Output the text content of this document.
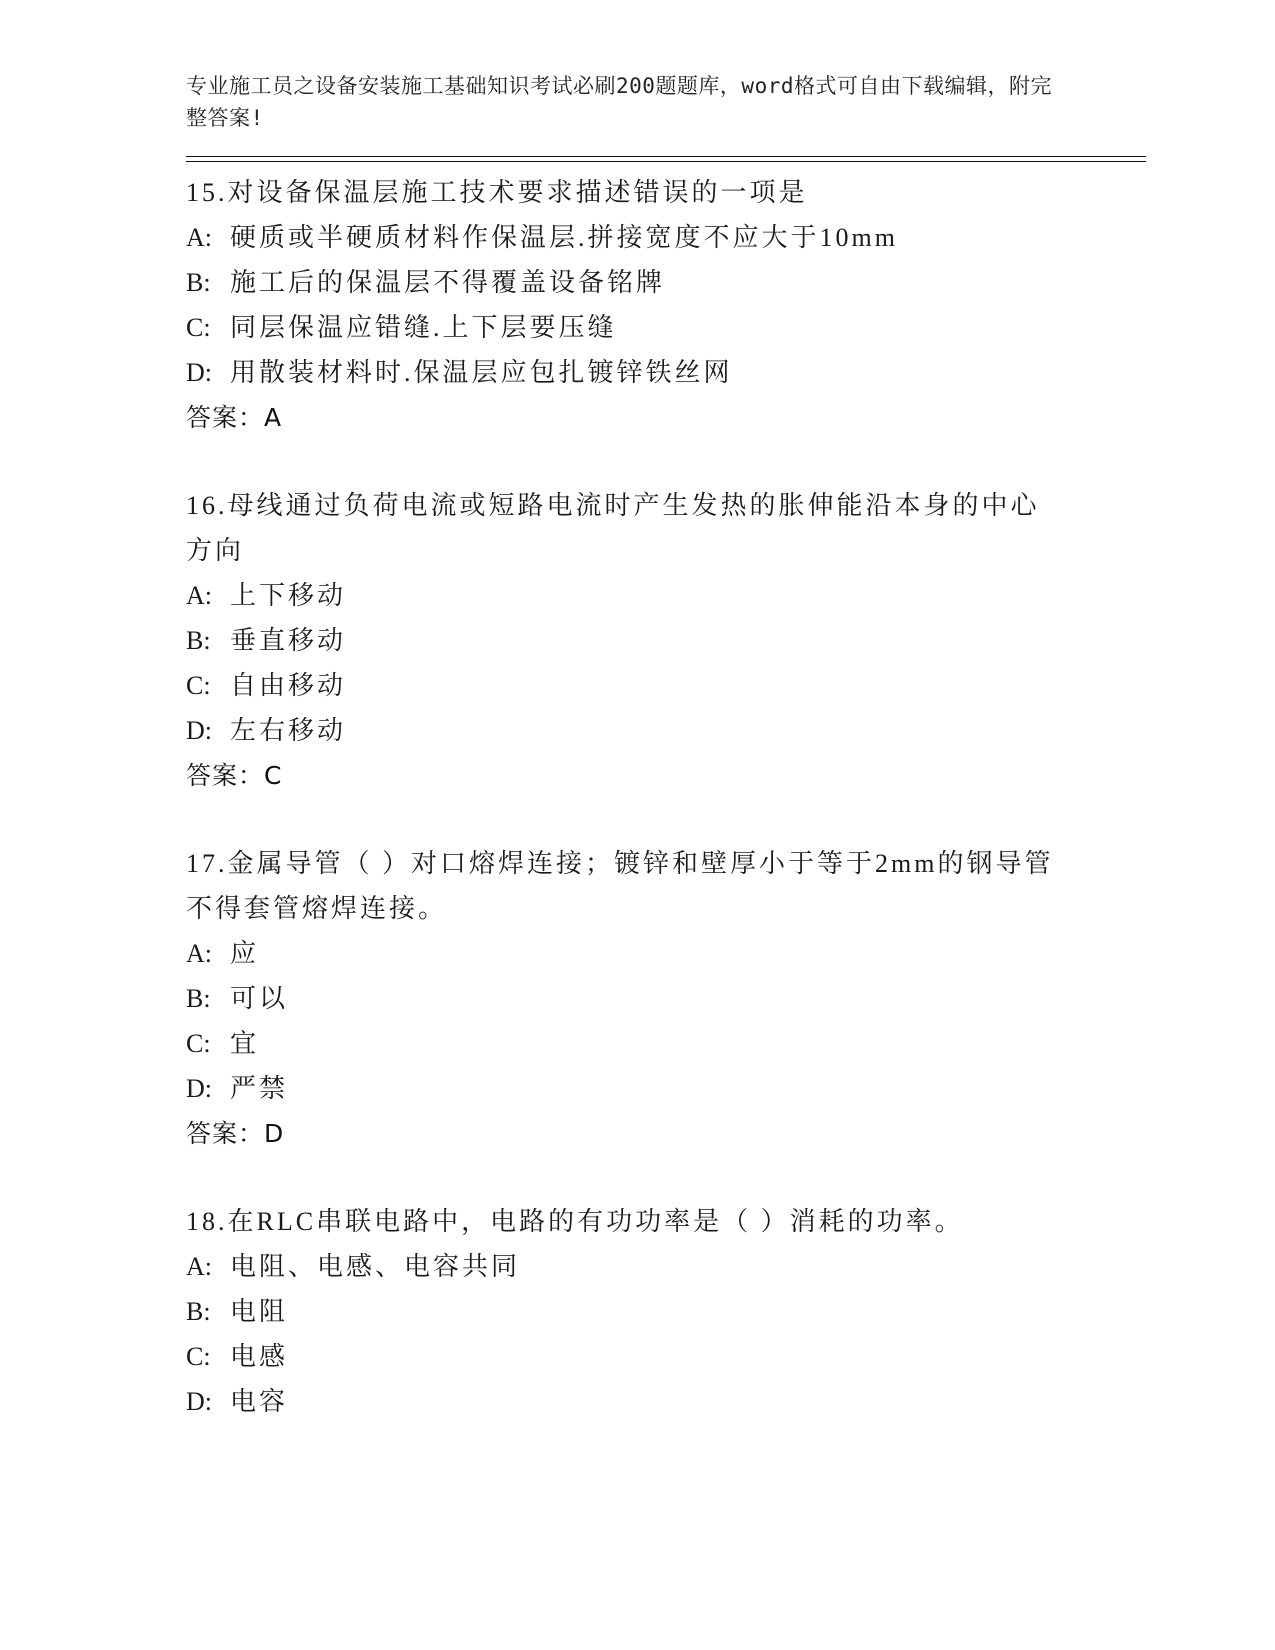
专业施工员之设备安装施工基础知识考试必刷200题题库，word格式可自由下载编辑，附完整答案!
15.对设备保温层施工技术要求描述错误的一项是
A: 硬质或半硬质材料作保温层.拼接宽度不应大于10mm
B: 施工后的保温层不得覆盖设备铭牌
C: 同层保温应错缝.上下层要压缝
D: 用散装材料时.保温层应包扎镀锌铁丝网
答案：A
16.母线通过负荷电流或短路电流时产生发热的胀伸能沿本身的中心方向
A: 上下移动
B: 垂直移动
C: 自由移动
D: 左右移动
答案：C
17.金属导管（ ）对口熔焊连接；镀锌和壁厚小于等于2mm的钢导管不得套管熔焊连接。
A: 应
B: 可以
C: 宜
D: 严禁
答案：D
18.在RLC串联电路中，电路的有功功率是（ ）消耗的功率。
A: 电阻、电感、电容共同
B: 电阻
C: 电感
D: 电容
